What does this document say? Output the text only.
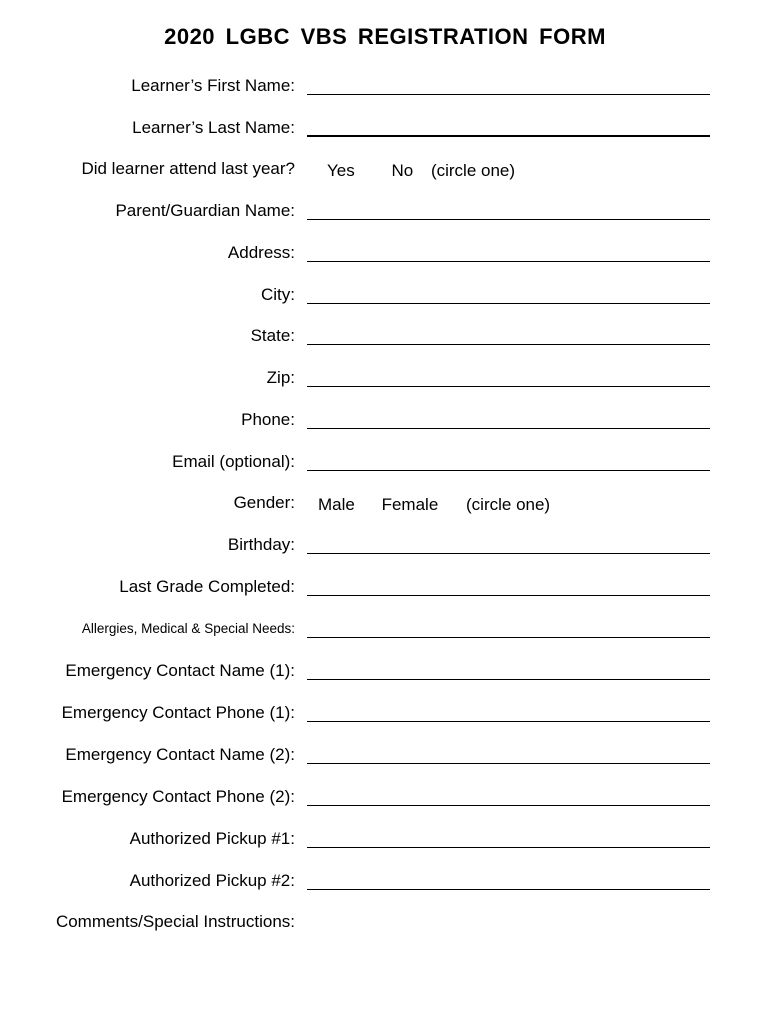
2020 LGBC VBS REGISTRATION FORM
Learner’s First Name:
Learner’s Last Name:
Did learner attend last year?	Yes No (circle one)
Parent/Guardian Name:
Address:
City:
State:
Zip:
Phone:
Email (optional):
Gender:	Male Female (circle one)
Birthday:
Last Grade Completed:
Allergies, Medical & Special Needs:
Emergency Contact Name (1):
Emergency Contact Phone (1):
Emergency Contact Name (2):
Emergency Contact Phone (2):
Authorized Pickup #1:
Authorized Pickup #2:
Comments/Special Instructions:
